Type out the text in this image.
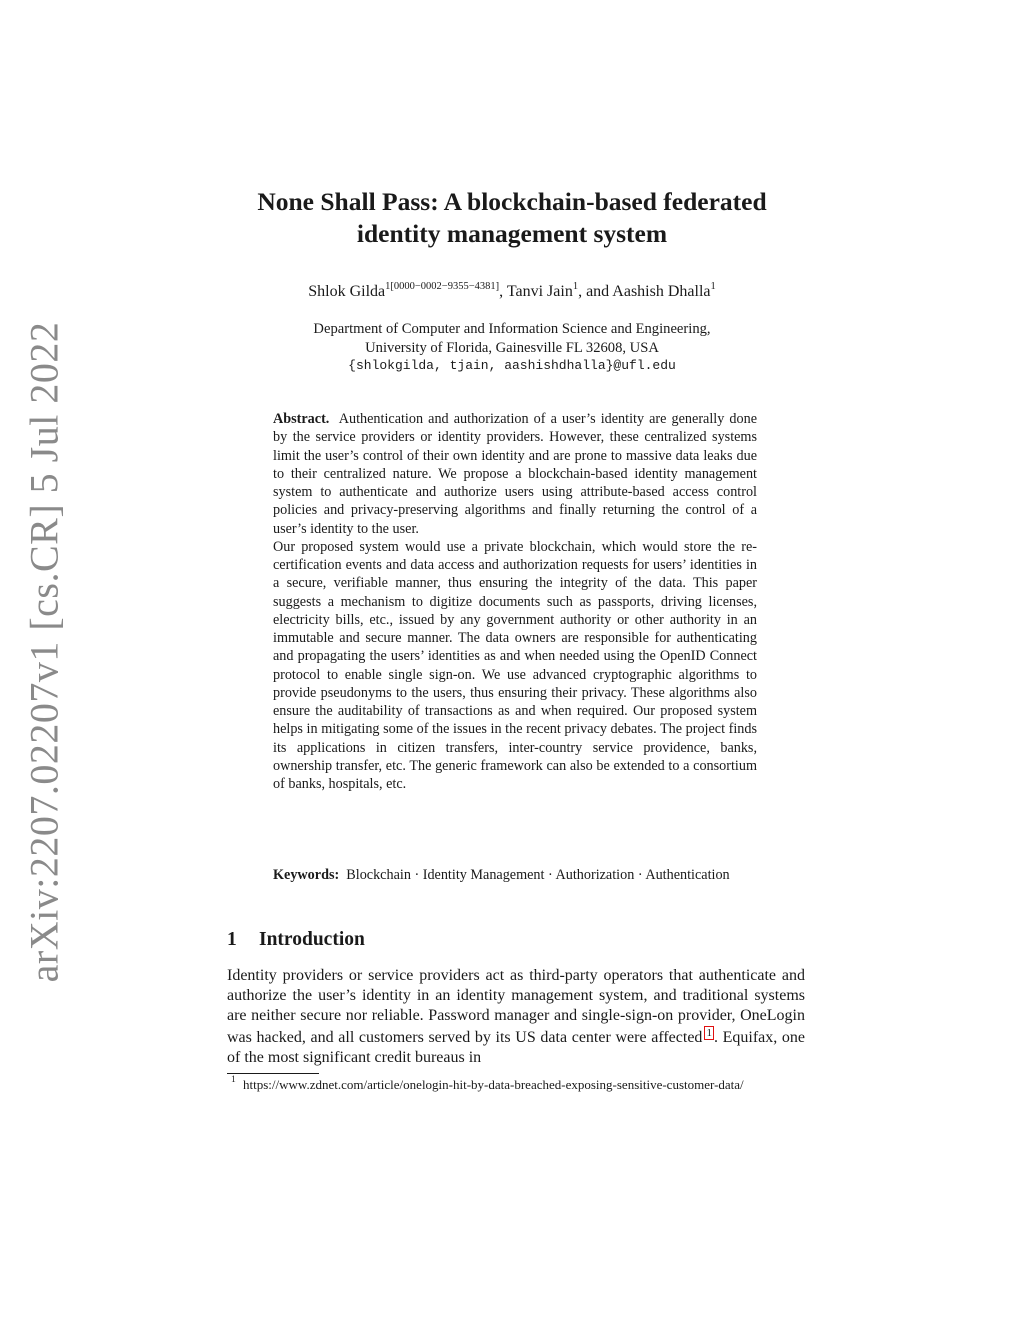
arXiv:2207.02207v1 [cs.CR] 5 Jul 2022
None Shall Pass: A blockchain-based federated
identity management system
Shlok Gilda$^{1[0000-0002-9355-4381]}$, Tanvi Jain$^1$, and Aashish Dhalla$^1$
Department of Computer and Information Science and Engineering,
University of Florida, Gainesville FL 32608, USA
{shlokgilda, tjain, aashishdhalla}@ufl.edu

Abstract. Authentication and authorization of a user’s identity are generally done by the service providers or identity providers. However, these centralized systems limit the user’s control of their own identity and are prone to massive data leaks due to their centralized nature. We propose a blockchain-based identity management system to authenticate and authorize users using attribute-based access control policies and privacy-preserving algorithms and finally returning the control of a user’s identity to the user.

Our proposed system would use a private blockchain, which would store the re-certification events and data access and authorization requests for users’ identities in a secure, verifiable manner, thus ensuring the integrity of the data. This paper suggests a mechanism to digitize documents such as passports, driving licenses, electricity bills, etc., issued by any government authority or other authority in an immutable and secure manner. The data owners are responsible for authenticating and propagating the users’ identities as and when needed using the OpenID Connect protocol to enable single sign-on. We use advanced cryptographic algorithms to provide pseudonyms to the users, thus ensuring their privacy. These algorithms also ensure the auditability of transactions as and when required. Our proposed system helps in mitigating some of the issues in the recent privacy debates. The project finds its applications in citizen transfers, inter-country service providence, banks, ownership transfer, etc. The generic framework can also be extended to a consortium of banks, hospitals, etc.

Keywords: Blockchain · Identity Management · Authorization · Authentication
1 Introduction

Identity providers or service providers act as third-party operators that authenticate and authorize the user’s identity in an identity management system, and traditional systems are neither secure nor reliable. Password manager and single-sign-on provider, OneLogin was hacked, and all customers served by its US data center were affected 1 . Equifax, one of the most significant credit bureaus in

1 https://www.zdnet.com/article/onelogin-hit-by-data-breached-exposing-sensitive-customer-data/
